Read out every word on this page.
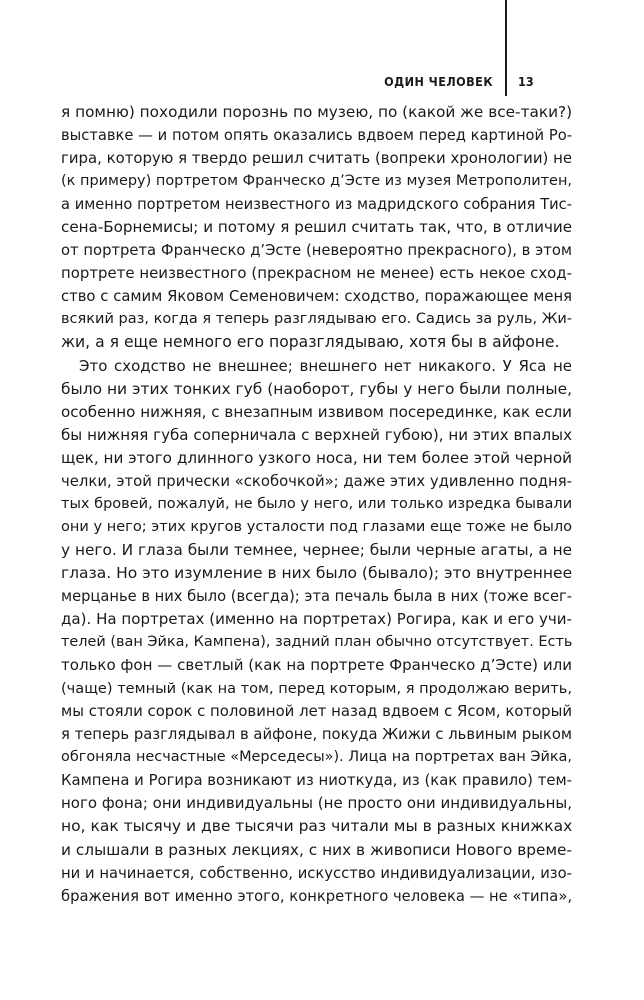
ОДИН ЧЕЛОВЕК 13
я помню) походили порознь по музею, по (какой же все-таки?)
выставке — и потом опять оказались вдвоем перед картиной Ро-
гира, которую я твердо решил считать (вопреки хронологии) не
(к примеру) портретом Франческо д’Эсте из музея Метрополитен,
а именно портретом неизвестного из мадридского собрания Тис-
сена-Борнемисы; и потому я решил считать так, что, в отличие
от портрета Франческо д’Эсте (невероятно прекрасного), в этом
портрете неизвестного (прекрасном не менее) есть некое сход-
ство с самим Яковом Семеновичем: сходство, поражающее меня
всякий раз, когда я теперь разглядываю его. Садись за руль, Жи-
жи, а я еще немного его поразглядываю, хотя бы в айфоне.
Это сходство не внешнее; внешнего нет никакого. У Яса не
было ни этих тонких губ (наоборот, губы у него были полные,
особенно нижняя, с внезапным извивом посерединке, как если
бы нижняя губа соперничала с верхней губою), ни этих впалых
щек, ни этого длинного узкого носа, ни тем более этой черной
челки, этой прически «скобочкой»; даже этих удивленно подня-
тых бровей, пожалуй, не было у него, или только изредка бывали
они у него; этих кругов усталости под глазами еще тоже не было
у него. И глаза были темнее, чернее; были черные агаты, а не
глаза. Но это изумление в них было (бывало); это внутреннее
мерцанье в них было (всегда); эта печаль была в них (тоже всег-
да). На портретах (именно на портретах) Рогира, как и его учи-
телей (ван Эйка, Кампена), задний план обычно отсутствует. Есть
только фон — светлый (как на портрете Франческо д’Эсте) или
(чаще) темный (как на том, перед которым, я продолжаю верить,
мы стояли сорок с половиной лет назад вдвоем с Ясом, который
я теперь разглядывал в айфоне, покуда Жижи с львиным рыком
обгоняла несчастные «Мерседесы»). Лица на портретах ван Эйка,
Кампена и Рогира возникают из ниоткуда, из (как правило) тем-
ного фона; они индивидуальны (не просто они индивидуальны,
но, как тысячу и две тысячи раз читали мы в разных книжках
и слышали в разных лекциях, с них в живописи Нового време-
ни и начинается, собственно, искусство индивидуализации, изо-
бражения вот именно этого, конкретного человека — не «типа»,
